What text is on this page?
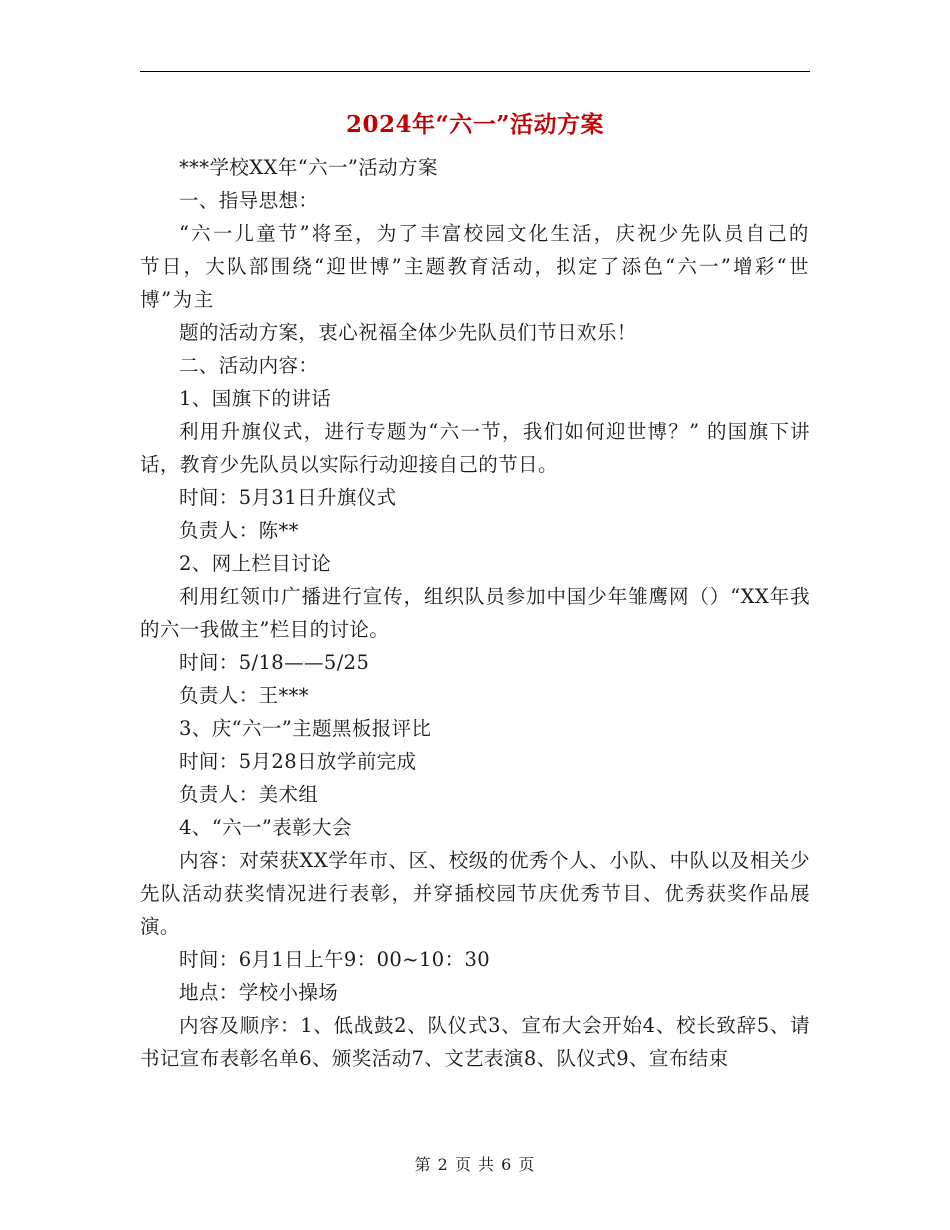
2024年“六一”活动方案

***学校XX年“六一”活动方案

一、指导思想：

“六一儿童节”将至，为了丰富校园文化生活，庆祝少先队员自己的节日，大队部围绕“迎世博”主题教育活动，拟定了添色“六一”增彩“世博”为主

题的活动方案，衷心祝福全体少先队员们节日欢乐！

二、活动内容：

1、国旗下的讲话

利用升旗仪式，进行专题为“六一节，我们如何迎世博？” 的国旗下讲话，教育少先队员以实际行动迎接自己的节日。

时间：5月31日升旗仪式

负责人：陈**

2、网上栏目讨论

利用红领巾广播进行宣传，组织队员参加中国少年雏鹰网（）“XX年我的六一我做主”栏目的讨论。

时间：5/18——5/25

负责人：王***

3、庆“六一”主题黑板报评比

时间：5月28日放学前完成

负责人：美术组

4、“六一”表彰大会

内容：对荣获XX学年市、区、校级的优秀个人、小队、中队以及相关少先队活动获奖情况进行表彰，并穿插校园节庆优秀节目、优秀获奖作品展演。

时间：6月1日上午9：00~10：30

地点：学校小操场

内容及顺序：1、低战鼓2、队仪式3、宣布大会开始4、校长致辞5、请书记宣布表彰名单6、颁奖活动7、文艺表演8、队仪式9、宣布结束

第 2 页 共 6 页
